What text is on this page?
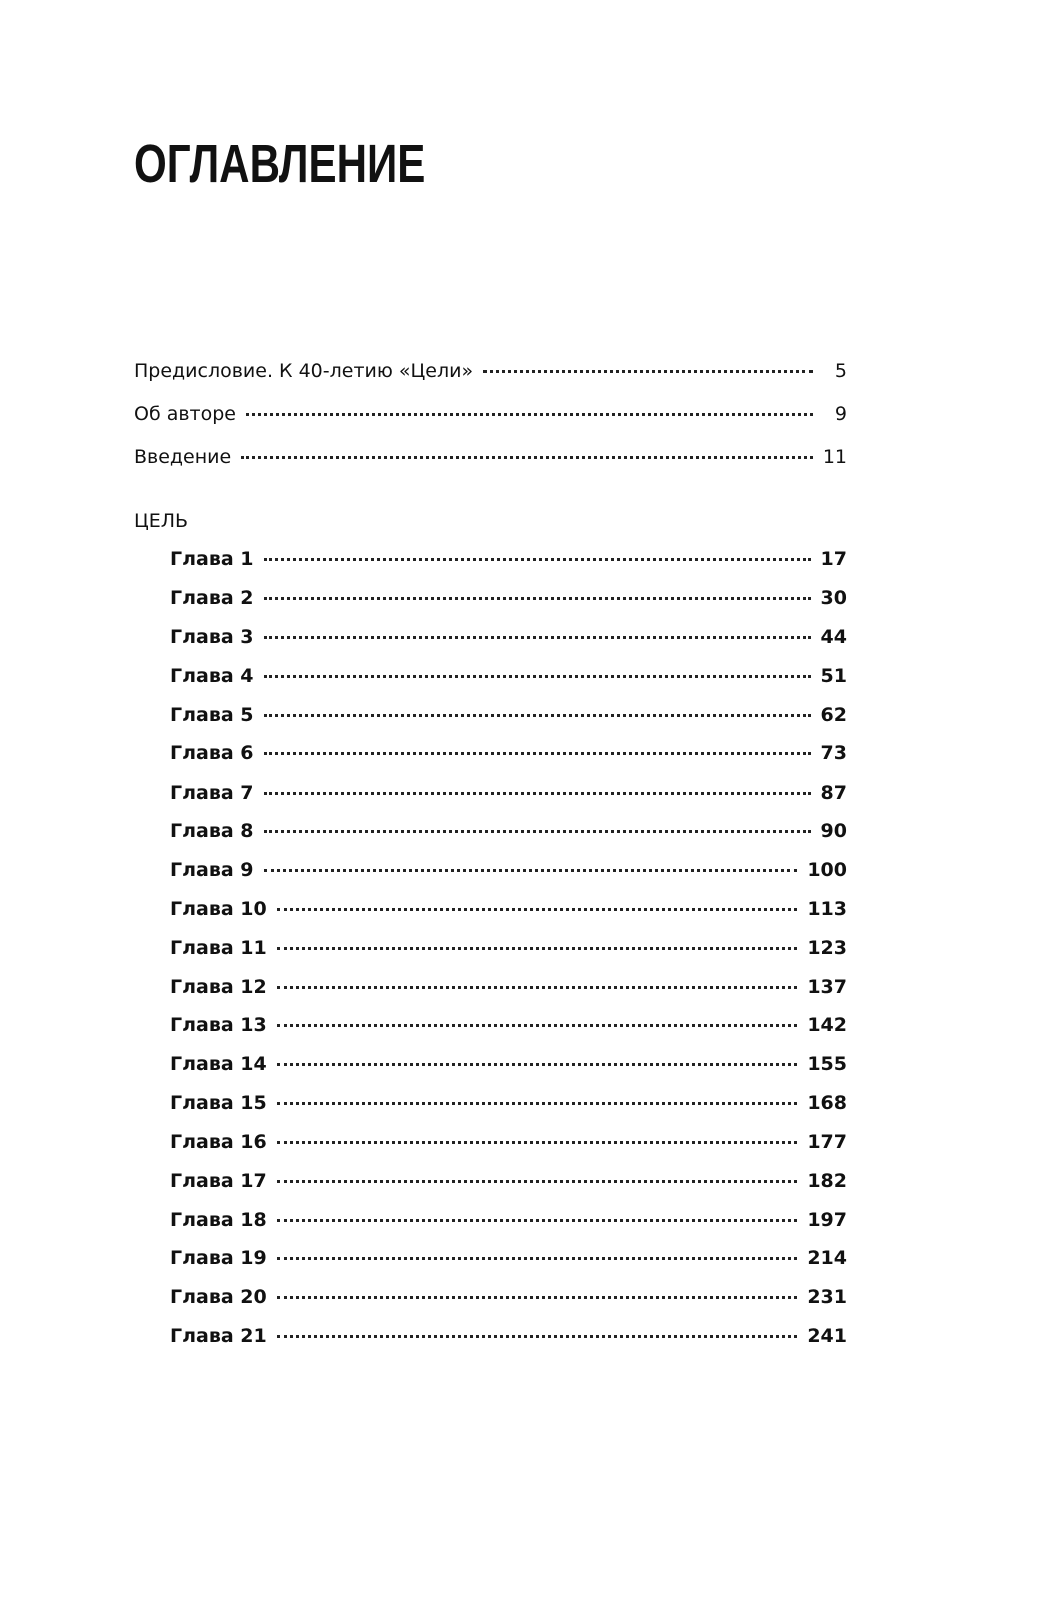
ОГЛАВЛЕНИЕ
Предисловие. К 40-летию «Цели»	5
Об авторе	9
Введение	11
ЦЕЛЬ
Глава 1	17
Глава 2	30
Глава 3	44
Глава 4	51
Глава 5	62
Глава 6	73
Глава 7	87
Глава 8	90
Глава 9	100
Глава 10	113
Глава 11	123
Глава 12	137
Глава 13	142
Глава 14	155
Глава 15	168
Глава 16	177
Глава 17	182
Глава 18	197
Глава 19	214
Глава 20	231
Глава 21	241
